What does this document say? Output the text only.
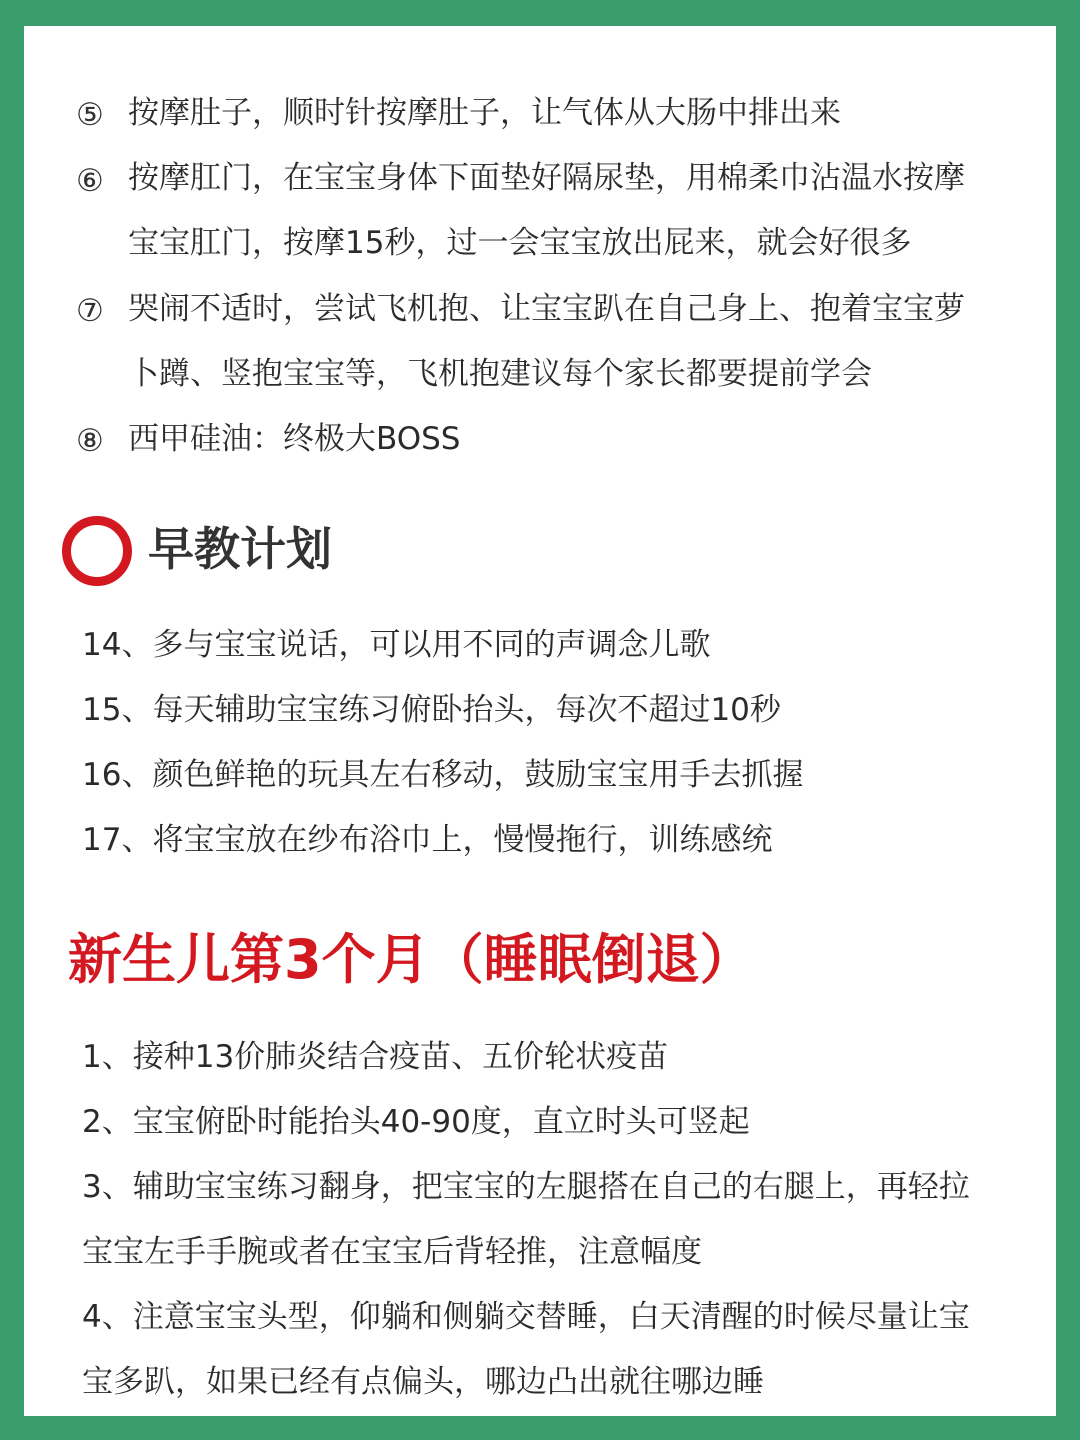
⑤ 按摩肚子，顺时针按摩肚子，让气体从大肠中排出来
⑥ 按摩肛门，在宝宝身体下面垫好隔尿垫，用棉柔巾沾温水按摩
宝宝肛门，按摩15秒，过一会宝宝放出屁来，就会好很多
⑦ 哭闹不适时，尝试飞机抱、让宝宝趴在自己身上、抱着宝宝萝
卜蹲、竖抱宝宝等，飞机抱建议每个家长都要提前学会
⑧ 西甲硅油：终极大BOSS
早教计划
14、多与宝宝说话，可以用不同的声调念儿歌
15、每天辅助宝宝练习俯卧抬头，每次不超过10秒
16、颜色鲜艳的玩具左右移动，鼓励宝宝用手去抓握
17、将宝宝放在纱布浴巾上，慢慢拖行，训练感统
新生儿第3个月（睡眠倒退）
1、接种13价肺炎结合疫苗、五价轮状疫苗
2、宝宝俯卧时能抬头40-90度，直立时头可竖起
3、辅助宝宝练习翻身，把宝宝的左腿搭在自己的右腿上，再轻拉
宝宝左手手腕或者在宝宝后背轻推，注意幅度
4、注意宝宝头型，仰躺和侧躺交替睡，白天清醒的时候尽量让宝
宝多趴，如果已经有点偏头，哪边凸出就往哪边睡
